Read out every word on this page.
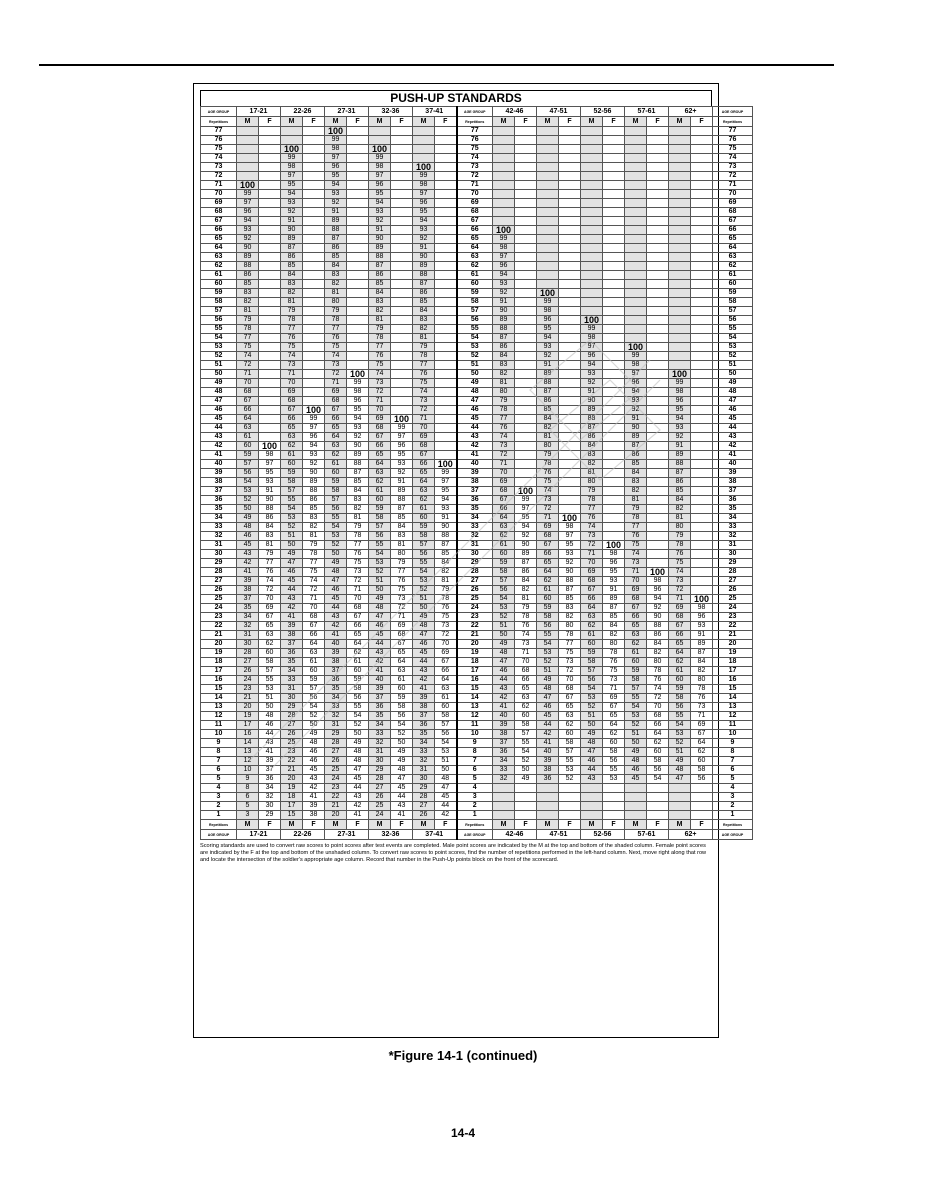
PUSH-UP STANDARDS
AGE GROUP	17-21		22-26		27-31		32-36		37-41		AGE GROUP	42-46		47-51		52-56		57-61		62+		AGE GROUP
Repetitions	M	F	M	F	M	F	M	F	M	F	Repetitions	M	F	M	F	M	F	M	F	M	F	Repetitions
77					100						77											77
76					99						76											76
75			100		98		100				75											75
74			99		97		99				74											74
73			98		96		98		100		73											73
72			97		95		97		99		72											72
71	100		95		94		96		98		71											71
70	99		94		93		95		97		70											70
69	97		93		92		94		96		69											69
68	96		92		91		93		95		68											68
67	94		91		89		92		94		67											67
66	93		90		88		91		93		66	100										66
65	92		89		87		90		92		65	99										65
64	90		87		86		89		91		64	98										64
63	89		86		85		88		90		63	97										63
62	88		85		84		87		89		62	96										62
61	86		84		83		86		88		61	94										61
60	85		83		82		85		87		60	93										60
59	83		82		81		84		86		59	92		100								59
58	82		81		80		83		85		58	91		99								58
57	81		79		79		82		84		57	90		98								57
56	79		78		78		81		83		56	89		96		100						56
55	78		77		77		79		82		55	88		95		99						55
54	77		76		76		78		81		54	87		94		98						54
53	75		75		75		77		79		53	86		93		97		100				53
52	74		74		74		76		78		52	84		92		96		99				52
51	72		73		73		75		77		51	83		91		94		98				51
50	71		71		72	100	74		76		50	82		89		93		97		100		50
49	70		70		71	99	73		75		49	81		88		92		96		99		49
48	68		69		69	98	72		74		48	80		87		91		94		98		48
47	67		68		68	96	71		73		47	79		86		90		93		96		47
46	66		67	100	67	95	70		72		46	78		85		89		92		95		46
45	64		66	99	66	94	69	100	71		45	77		84		88		91		94		45
44	63		65	97	65	93	68	99	70		44	76		82		87		90		93		44
43	61		63	96	64	92	67	97	69		43	74		81		86		89		92		43
42	60	100	62	94	63	90	66	96	68		42	73		80		84		87		91		42
41	59	98	61	93	62	89	65	95	67		41	72		79		83		86		89		41
40	57	97	60	92	61	88	64	93	66	100	40	71		78		82		85		88		40
39	56	95	59	90	60	87	63	92	65	99	39	70		76		81		84		87		39
38	54	93	58	89	59	85	62	91	64	97	38	69		75		80		83		86		38
37	53	91	57	88	58	84	61	89	63	95	37	68	100	74		79		82		85		37
36	52	90	55	86	57	83	60	88	62	94	36	67	99	73		78		81		84		36
35	50	88	54	85	56	82	59	87	61	93	35	66	97	72		77		79		82		35
34	49	86	53	83	55	81	58	85	60	91	34	64	95	71	100	76		78		81		34
33	48	84	52	82	54	79	57	84	59	90	33	63	94	69	98	74		77		80		33
32	46	83	51	81	53	78	56	83	58	88	32	62	92	68	97	73		76		79		32
31	45	81	50	79	52	77	55	81	57	87	31	61	90	67	95	72	100	75		78		31
30	43	79	49	78	50	76	54	80	56	85	30	60	89	66	93	71	98	74		76		30
29	42	77	47	77	49	75	53	79	55	84	29	59	87	65	92	70	96	73		75		29
28	41	76	46	75	48	73	52	77	54	82	28	58	86	64	90	69	95	71	100	74		28
27	39	74	45	74	47	72	51	76	53	81	27	57	84	62	88	68	93	70	98	73		27
26	38	72	44	72	46	71	50	75	52	79	26	56	82	61	87	67	91	69	96	72		26
25	37	70	43	71	45	70	49	73	51	78	25	54	81	60	85	66	89	68	94	71	100	25
24	35	69	42	70	44	68	48	72	50	76	24	53	79	59	83	64	87	67	92	69	98	24
23	34	67	41	68	43	67	47	71	49	75	23	52	78	58	82	63	85	66	90	68	96	23
22	32	65	39	67	42	66	46	69	48	73	22	51	76	56	80	62	84	65	88	67	93	22
21	31	63	38	66	41	65	45	68	47	72	21	50	74	55	78	61	82	63	86	66	91	21
20	30	62	37	64	40	64	44	67	46	70	20	49	73	54	77	60	80	62	84	65	89	20
19	28	60	36	63	39	62	43	65	45	69	19	48	71	53	75	59	78	61	82	64	87	19
18	27	58	35	61	38	61	42	64	44	67	18	47	70	52	73	58	76	60	80	62	84	18
17	26	57	34	60	37	60	41	63	43	66	17	46	68	51	72	57	75	59	78	61	82	17
16	24	55	33	59	36	59	40	61	42	64	16	44	66	49	70	56	73	58	76	60	80	16
15	23	53	31	57	35	58	39	60	41	63	15	43	65	48	68	54	71	57	74	59	78	15
14	21	51	30	56	34	56	37	59	39	61	14	42	63	47	67	53	69	55	72	58	76	14
13	20	50	29	54	33	55	36	58	38	60	13	41	62	46	65	52	67	54	70	56	73	13
12	19	48	28	52	32	54	35	56	37	58	12	40	60	45	63	51	65	53	68	55	71	12
11	17	46	27	50	31	52	34	54	36	57	11	39	58	44	62	50	64	52	66	54	69	11
10	16	44	26	49	29	50	33	52	35	56	10	38	57	42	60	49	62	51	64	53	67	10
9	14	43	25	48	28	49	32	50	34	54	9	37	55	41	58	48	60	50	62	52	64	9
8	13	41	23	46	27	48	31	49	33	53	8	36	54	40	57	47	58	49	60	51	62	8
7	12	39	22	46	26	48	30	49	32	51	7	34	52	39	55	46	56	48	58	49	60	7
6	10	37	21	45	25	47	29	48	31	50	6	33	50	38	53	44	55	46	56	48	58	6
5	9	36	20	43	24	45	28	47	30	48	5	32	49	36	52	43	53	45	54	47	56	5
4	8	34	19	42	23	44	27	45	29	47	4											4
3	6	32	18	41	22	43	26	44	28	45	3											3
2	5	30	17	39	21	42	25	43	27	44	2											2
1	3	29	15	38	20	41	24	41	26	42	1											1
Repetitions	M	F	M	F	M	F	M	F	M	F	Repetitions	M	F	M	F	M	F	M	F	M	F	Repetitions
AGE GROUP	17-21		22-26		27-31		32-36		37-41		AGE GROUP	42-46		47-51		52-56		57-61		62+		AGE GROUP
Scoring standards are used to convert raw scores to point scores after test events are completed. Male point scores are indicated by the M at the top and bottom of the shaded column. Female point scores are indicated by the F at the top and bottom of the unshaded column. To convert raw scores to point scores, find the number of repetitions performed in the left-hand column. Next, move right along that row and locate the intersection of the soldier's appropriate age column. Record that number in the Push-Up points block on the front of the scorecard.
*Figure 14-1 (continued)
14-4
